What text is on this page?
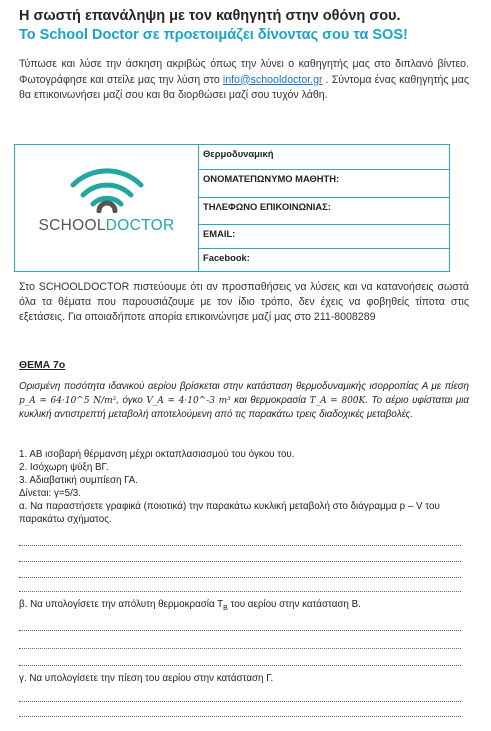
Η σωστή επανάληψη με τον καθηγητή στην οθόνη σου.
Το School Doctor σε προετοιμάζει δίνοντας σου τα SOS!
Τύπωσε και λύσε την άσκηση ακριβώς όπως την λύνει ο καθηγητής μας στο διπλανό βίντεο. Φωτογράφησε και στείλε μας την λύση στο info@schooldoctor.gr . Σύντομα ένας καθηγητής μας θα επικοινωνήσει μαζί σου και θα διορθώσει μαζί σου τυχόν λάθη.
SCHOOLDOCTOR
Θερμοδυναμική
ΟΝΟΜΑΤΕΠΩΝΥΜΟ ΜΑΘΗΤΗ:
ΤΗΛΕΦΩΝΟ ΕΠΙΚΟΙΝΩΝΙΑΣ:
EMAIL:
Facebook:
Στο SCHOOLDOCTOR πιστεύουμε ότι αν προσπαθήσεις να λύσεις και να κατανοήσεις σωστά όλα τα θέματα που παρουσιάζουμε με τον ίδιο τρόπο, δεν έχεις να φοβηθείς τίποτα στις εξετάσεις. Για οποιαδήποτε απορία επικοινώνησε μαζί μας στο 211-8008289
ΘΕΜΑ 7ο
Ορισμένη ποσότητα ιδανικού αερίου βρίσκεται στην κατάσταση θερμοδυναμικής ισορροπίας Α με πίεση p_A = 64·10^5 N/m², όγκο V_A = 4·10^-3 m³ και θερμοκρασία T_A = 800K. Το αέριο υφίσταται μια κυκλική αντιστρεπτή μεταβολή αποτελούμενη από τις παρακάτω τρεις διαδοχικές μεταβολές.
1. ΑΒ ισοβαρή θέρμανση μέχρι οκταπλασιασμού του όγκου του.
2. Ισόχωρη ψύξη ΒΓ.
3. Αδιαβατική συμπίεση ΓΑ.
Δίνεται: γ=5/3.
α. Να παραστήσετε γραφικά (ποιοτικά) την παρακάτω κυκλική μεταβολή στο διάγραμμα p – V του παρακάτω σχήματος.
β. Να υπολογίσετε την απόλυτη θερμοκρασία $T_B$ του αερίου στην κατάσταση Β.
γ. Να υπολογίσετε την πίεση του αερίου στην κατάσταση Γ.
